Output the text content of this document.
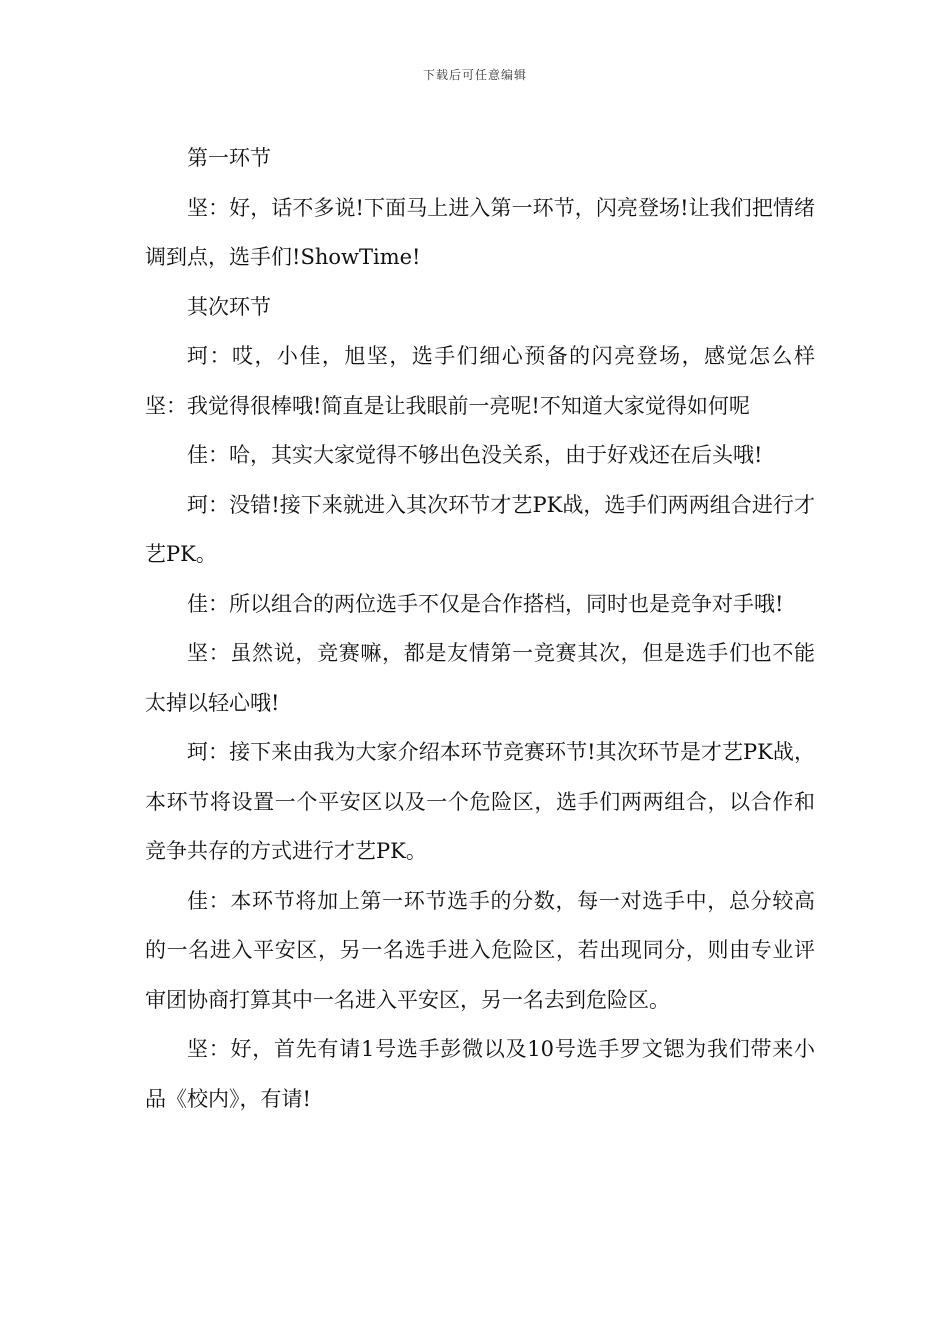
下载后可任意编辑

第一环节

坚：好，话不多说!下面马上进入第一环节，闪亮登场!让我们把情绪调到点，选手们!ShowTime!

其次环节

珂：哎，小佳，旭坚，选手们细心预备的闪亮登场，感觉怎么样坚：我觉得很棒哦!简直是让我眼前一亮呢!不知道大家觉得如何呢

佳：哈，其实大家觉得不够出色没关系，由于好戏还在后头哦!

珂：没错!接下来就进入其次环节才艺PK战，选手们两两组合进行才艺PK。

佳：所以组合的两位选手不仅是合作搭档，同时也是竞争对手哦!

坚：虽然说，竞赛嘛，都是友情第一竞赛其次，但是选手们也不能太掉以轻心哦!

珂：接下来由我为大家介绍本环节竞赛环节!其次环节是才艺PK战，本环节将设置一个平安区以及一个危险区，选手们两两组合，以合作和竞争共存的方式进行才艺PK。

佳：本环节将加上第一环节选手的分数，每一对选手中，总分较高的一名进入平安区，另一名选手进入危险区，若出现同分，则由专业评审团协商打算其中一名进入平安区，另一名去到危险区。

坚：好，首先有请1号选手彭微以及10号选手罗文锶为我们带来小品《校内》，有请!
